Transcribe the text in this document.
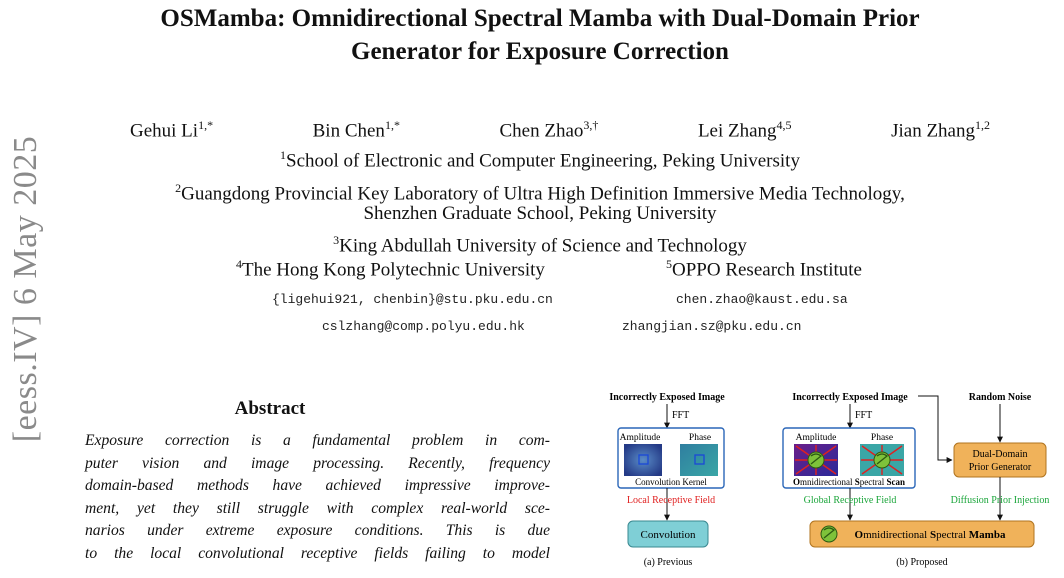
[eess.IV] 6 May 2025
OSMamba: Omnidirectional Spectral Mamba with Dual-Domain Prior
Generator for Exposure Correction
Gehui $Li^{1,*}$	Bin Chen$^{1,*}$	Chen Zhao$^{3,\dagger}$	Lei Zhang$^{4,5}$	Jian Zhang$^{1,2}$
$^1$School of Electronic and Computer Engineering, Peking University
$^2$Guangdong Provincial Key Laboratory of Ultra High Definition Immersive Media Technology,
Shenzhen Graduate School, Peking University
$^3$King Abdullah University of Science and Technology
$^4$The Hong Kong Polytechnic University	$^5$OPPO Research Institute
{ligehui921, chenbin}@stu.pku.edu.cn	chen.zhao@kaust.edu.sa
cslzhang@comp.polyu.edu.hk	zhangjian.sz@pku.edu.cn
Abstract
Exposure correction is a fundamental problem in com-
puter vision and image processing. Recently, frequency
domain-based methods have achieved impressive improve-
ment, yet they still struggle with complex real-world sce-
narios under extreme exposure conditions. This is due
to the local convolutional receptive fields failing to model
Incorrectly Exposed Image
FFT
Amplitude	Phase
Convolution Kernel
Local Receptive Field
Convolution
(a) Previous
Incorrectly Exposed Image
FFT
Amplitude	Phase
Omnidirectional Spectral Scan
Global Receptive Field
Random Noise
Dual-Domain
Prior Generator
Diffusion Prior Injection
Omnidirectional Spectral Mamba
(b) Proposed
